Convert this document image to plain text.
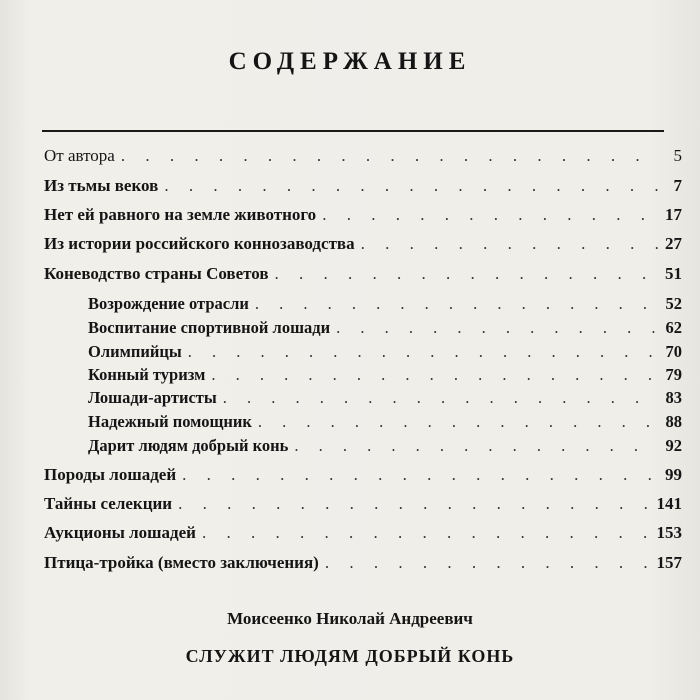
СОДЕРЖАНИЕ
От автора . . .	5
Из тьмы веков . . .	7
Нет ей равного на земле животного . . .	17
Из истории российского коннозаводства . . .	27
Коневодство страны Советов . . .	51
Возрождение отрасли . . .	52
Воспитание спортивной лошади . . .	62
Олимпийцы . . .	70
Конный туризм . . .	79
Лошади-артисты . . .	83
Надежный помощник . . .	88
Дарит людям добрый конь . . .	92
Породы лошадей . . .	99
Тайны селекции . . .	141
Аукционы лошадей . . .	153
Птица-тройка (вместо заключения) . . .	157
Моисеенко Николай Андреевич
СЛУЖИТ ЛЮДЯМ ДОБРЫЙ КОНЬ
